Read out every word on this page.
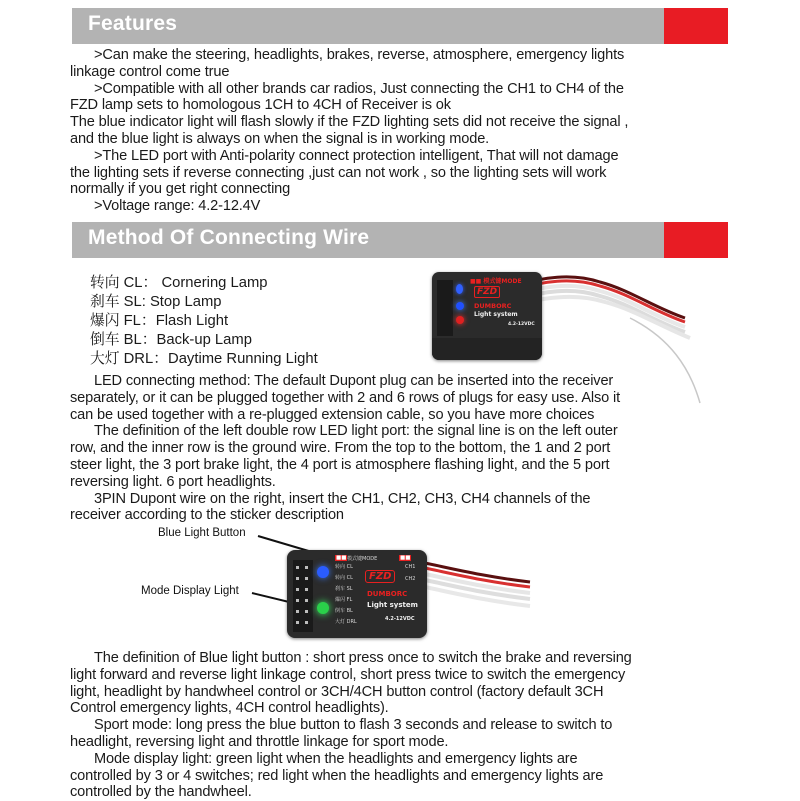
Features
>Can make the steering, headlights, brakes, reverse, atmosphere, emergency lights
linkage control come true
>Compatible with all other brands car radios, Just connecting the CH1 to CH4 of the
FZD lamp sets to homologous 1CH to 4CH of Receiver is ok
The blue indicator light will flash slowly if the FZD lighting sets did not receive the signal ,
and the blue light is always on when the signal is in working mode.
>The LED port with Anti-polarity connect protection intelligent, That will not damage
the lighting sets if reverse connecting ,just can not work , so the lighting sets will work
normally if you get right connecting
>Voltage range: 4.2-12.4V
Method Of Connecting Wire
转向 CL： Cornering Lamp
刹车 SL: Stop Lamp
爆闪 FL：Flash Light
倒车 BL：Back-up Lamp
大灯 DRL：Daytime Running Light
■■ 模式键MODE
FZD
DUMBORC
Light system
4.2-12VDC
LED connecting method: The default Dupont plug can be inserted into the receiver
separately, or it can be plugged together with 2 and 6 rows of plugs for easy use. Also it
can be used together with a re-plugged extension cable, so you have more choices
The definition of the left double row LED light port: the signal line is on the left outer
row, and the inner row is the ground wire. From the top to the bottom, the 1 and 2 port
steer light, the 3 port brake light, the 4 port is atmosphere flashing light, and the 5 port
reversing light. 6 port headlights.
3PIN Dupont wire on the right, insert the CH1, CH2, CH3, CH4 channels of the
receiver according to the sticker description
Blue Light Button
Mode Display Light
■■ 模式键MODE	■■
转向 CL
转向 CL
刹车 SL
爆闪 FL
倒车 BL
大灯 DRL
CH1
CH2
FZD
DUMBORC
Light system
4.2-12VDC
The definition of Blue light button : short press once to switch the brake and reversing
light forward and reverse light linkage control, short press twice to switch the emergency
light, headlight by handwheel control or 3CH/4CH button control (factory default 3CH
Control emergency lights, 4CH control headlights).
Sport mode: long press the blue button to flash 3 seconds and release to switch to
headlight, reversing light and throttle linkage for sport mode.
Mode display light: green light when the headlights and emergency lights are
controlled by 3 or 4 switches; red light when the headlights and emergency lights are
controlled by the handwheel.
